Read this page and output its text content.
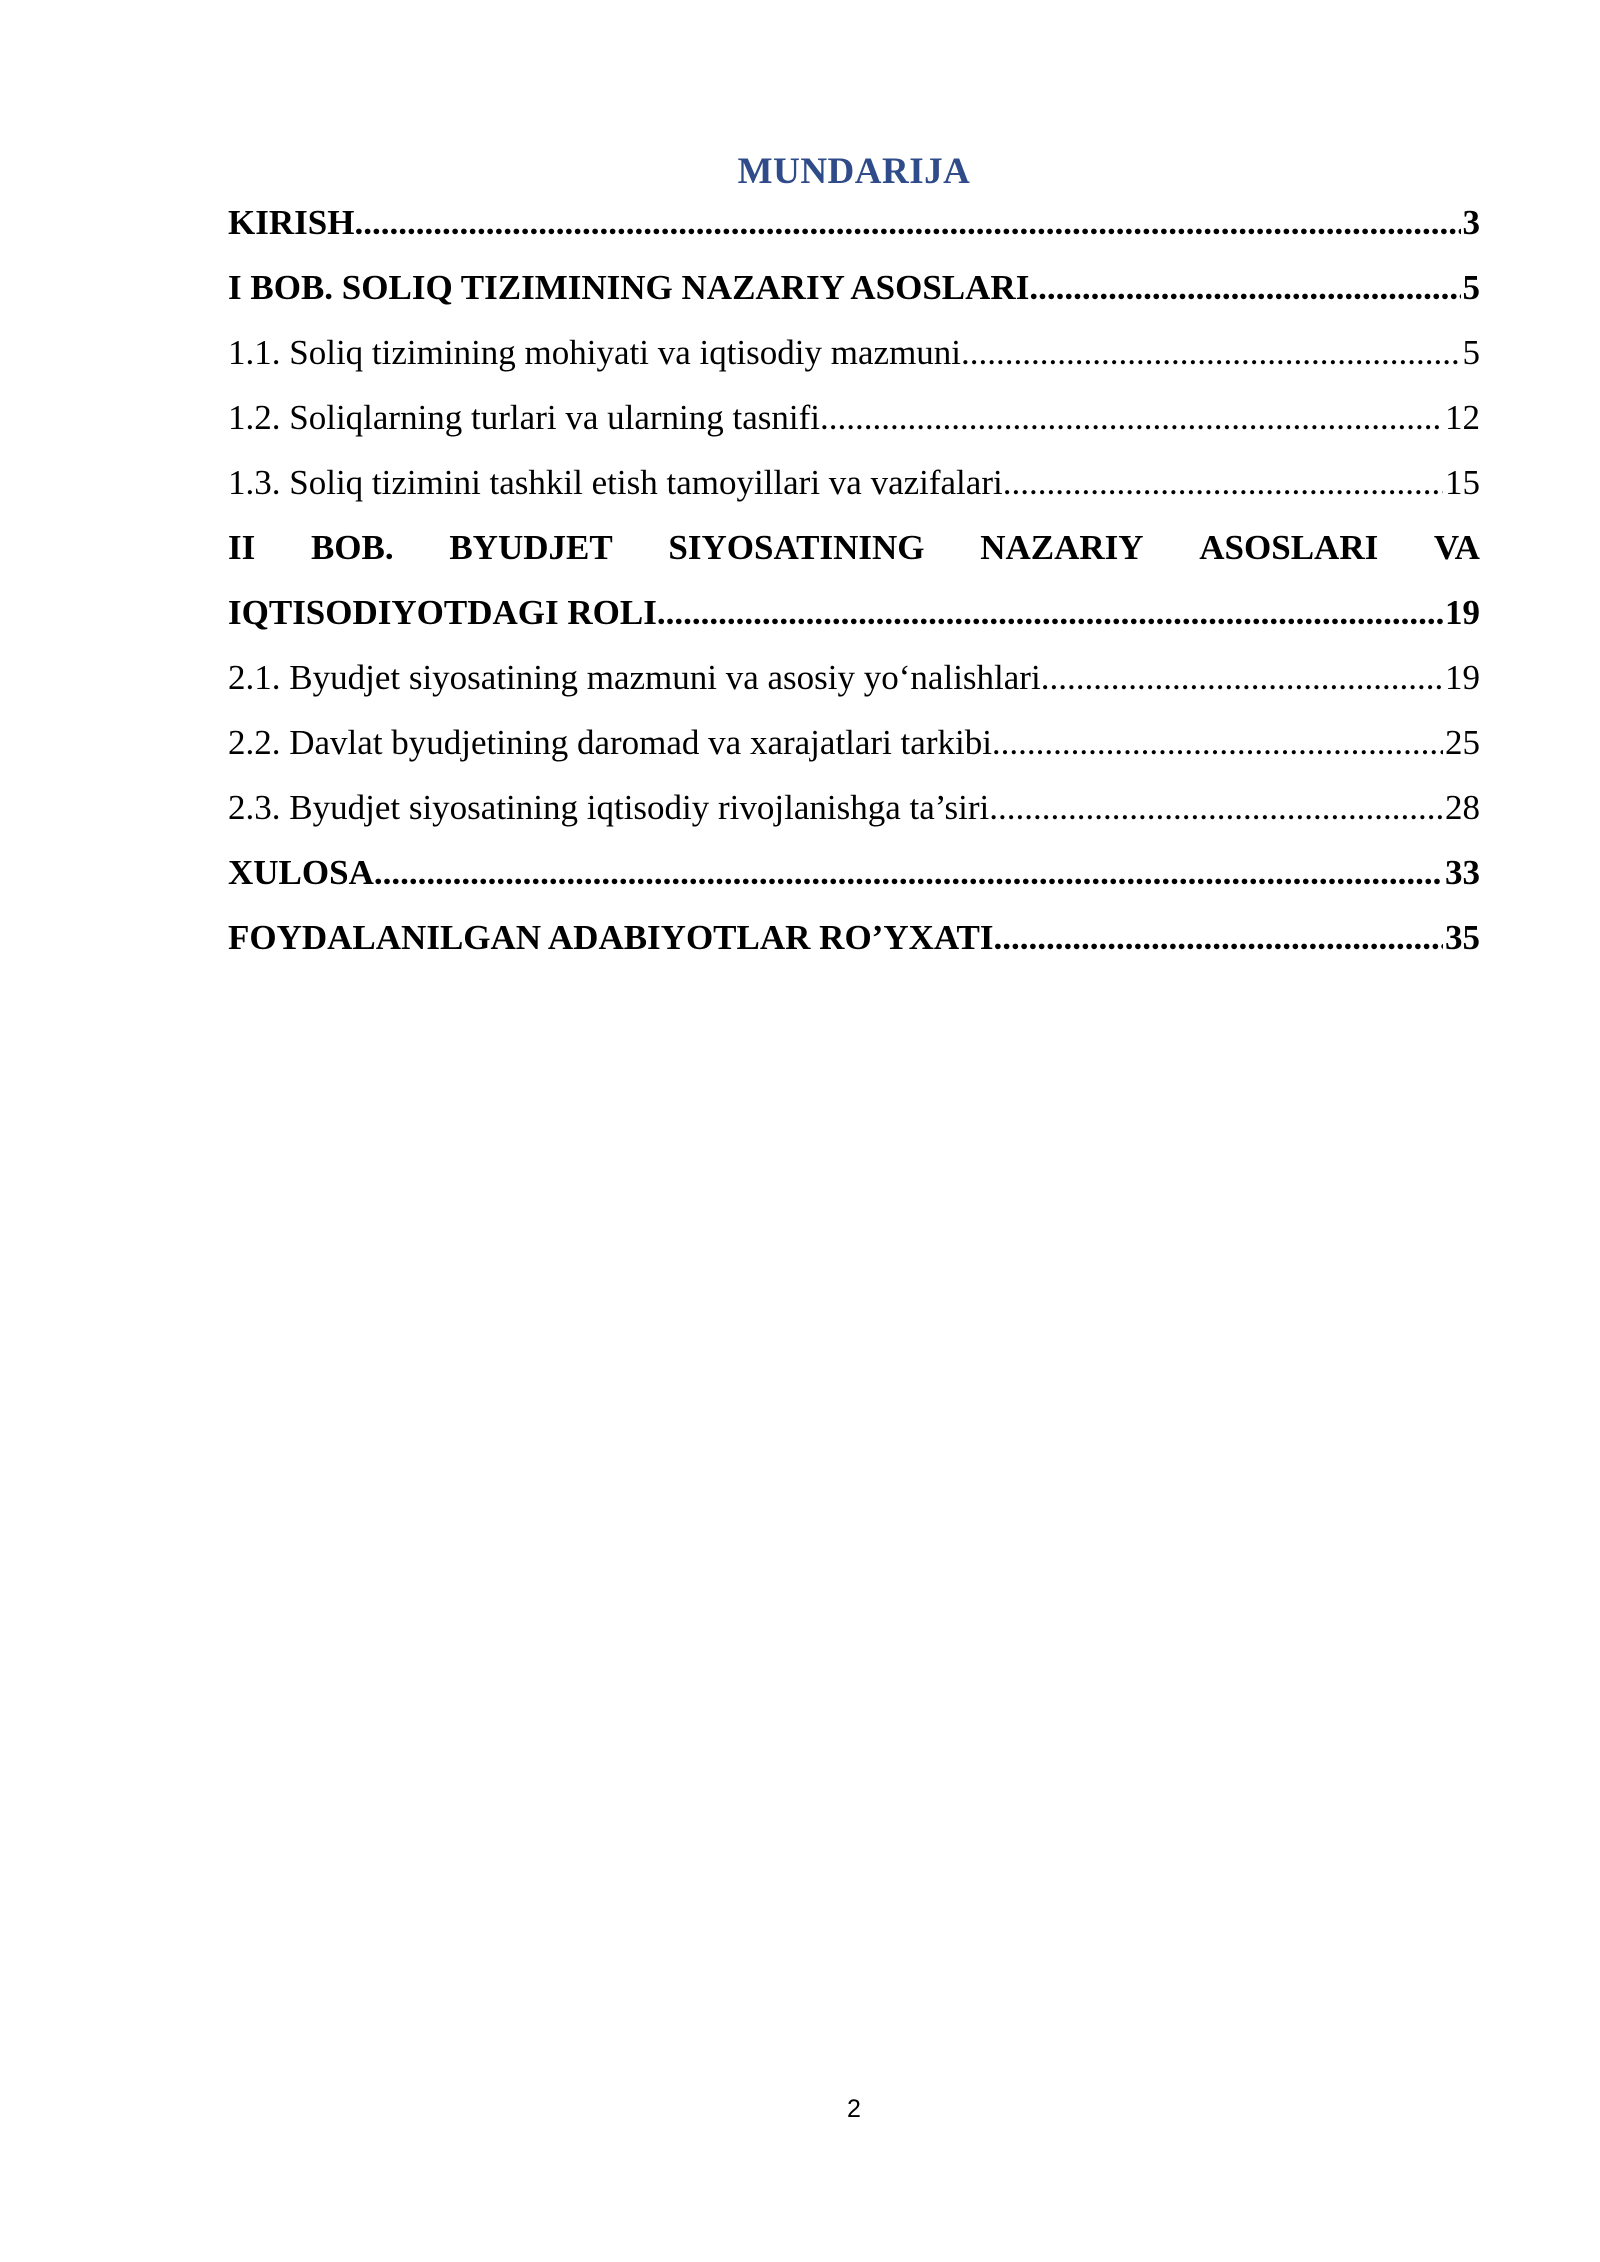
MUNDARIJA
KIRISH .....	3
I BOB. SOLIQ TIZIMINING NAZARIY ASOSLARI .....	5
1.1. Soliq tizimining mohiyati va iqtisodiy mazmuni .....	5
1.2. Soliqlarning turlari va ularning tasnifi .....	12
1.3. Soliq tizimini tashkil etish tamoyillari va vazifalari .....	15
II BOB. BYUDJET SIYOSATINING NAZARIY ASOSLARI VA
IQTISODIYOTDAGI ROLI .....	19
2.1. Byudjet siyosatining mazmuni va asosiy yo‘nalishlari .....	19
2.2. Davlat byudjetining daromad va xarajatlari tarkibi .....	25
2.3. Byudjet siyosatining iqtisodiy rivojlanishga ta’siri .....	28
XULOSA .....	33
FOYDALANILGAN ADABIYOTLAR RO’YXATI .....	35
2
